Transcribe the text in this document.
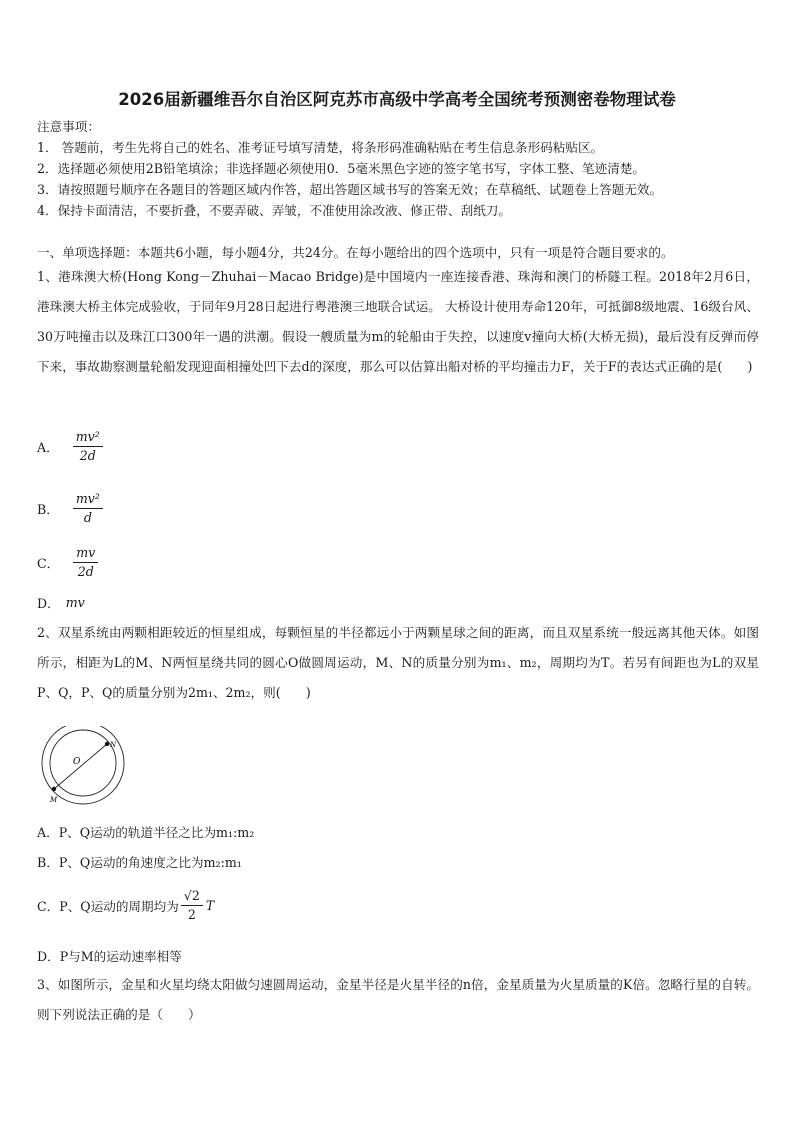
2026届新疆维吾尔自治区阿克苏市高级中学高考全国统考预测密卷物理试卷
注意事项：
1． 答题前，考生先将自己的姓名、准考证号填写清楚，将条形码准确粘贴在考生信息条形码粘贴区。
2．选择题必须使用2B铅笔填涂；非选择题必须使用0．5毫米黑色字迹的签字笔书写，字体工整、笔迹清楚。
3．请按照题号顺序在各题目的答题区域内作答，超出答题区域书写的答案无效；在草稿纸、试题卷上答题无效。
4．保持卡面清洁，不要折叠，不要弄破、弄皱，不准使用涂改液、修正带、刮纸刀。
一、单项选择题：本题共6小题，每小题4分，共24分。在每小题给出的四个选项中，只有一项是符合题目要求的。
1、港珠澳大桥(Hong Kong－Zhuhai－Macao Bridge)是中国境内一座连接香港、珠海和澳门的桥隧工程。2018年2月6日，港珠澳大桥主体完成验收，于同年9月28日起进行粤港澳三地联合试运。 大桥设计使用寿命120年，可抵御8级地震、16级台风、30万吨撞击以及珠江口300年一遇的洪潮。假设一艘质量为m的轮船由于失控，以速度v撞向大桥(大桥无损)，最后没有反弹而停下来，事故勘察测量轮船发现迎面相撞处凹下去d的深度，那么可以估算出船对桥的平均撞击力F，关于F的表达式正确的是(　　)
A． $\frac{\text{mv²}}{2d}$
B． $\frac{\text{mv²}}{d}$
C． $\frac{mv}{2d}$
D． mv
2、双星系统由两颗相距较近的恒星组成，每颗恒星的半径都远小于两颗星球之间的距离，而且双星系统一般远离其他天体。如图所示，相距为L的M、N两恒星绕共同的圆心O做圆周运动，M、N的质量分别为m₁、m₂，周期均为T。若另有间距也为L的双星P、Q，P、Q的质量分别为2m₁、2m₂，则(　　)
O
N
M
A． P、Q运动的轨道半径之比为m₁:m₂
B． P、Q运动的角速度之比为m₂:m₁
C． P、Q运动的周期均为 $\frac{√2}{2}$ T
D． P与M的运动速率相等
3、如图所示，金星和火星均绕太阳做匀速圆周运动，金星半径是火星半径的n倍，金星质量为火星质量的K倍。忽略行星的自转。则下列说法正确的是（　　）
